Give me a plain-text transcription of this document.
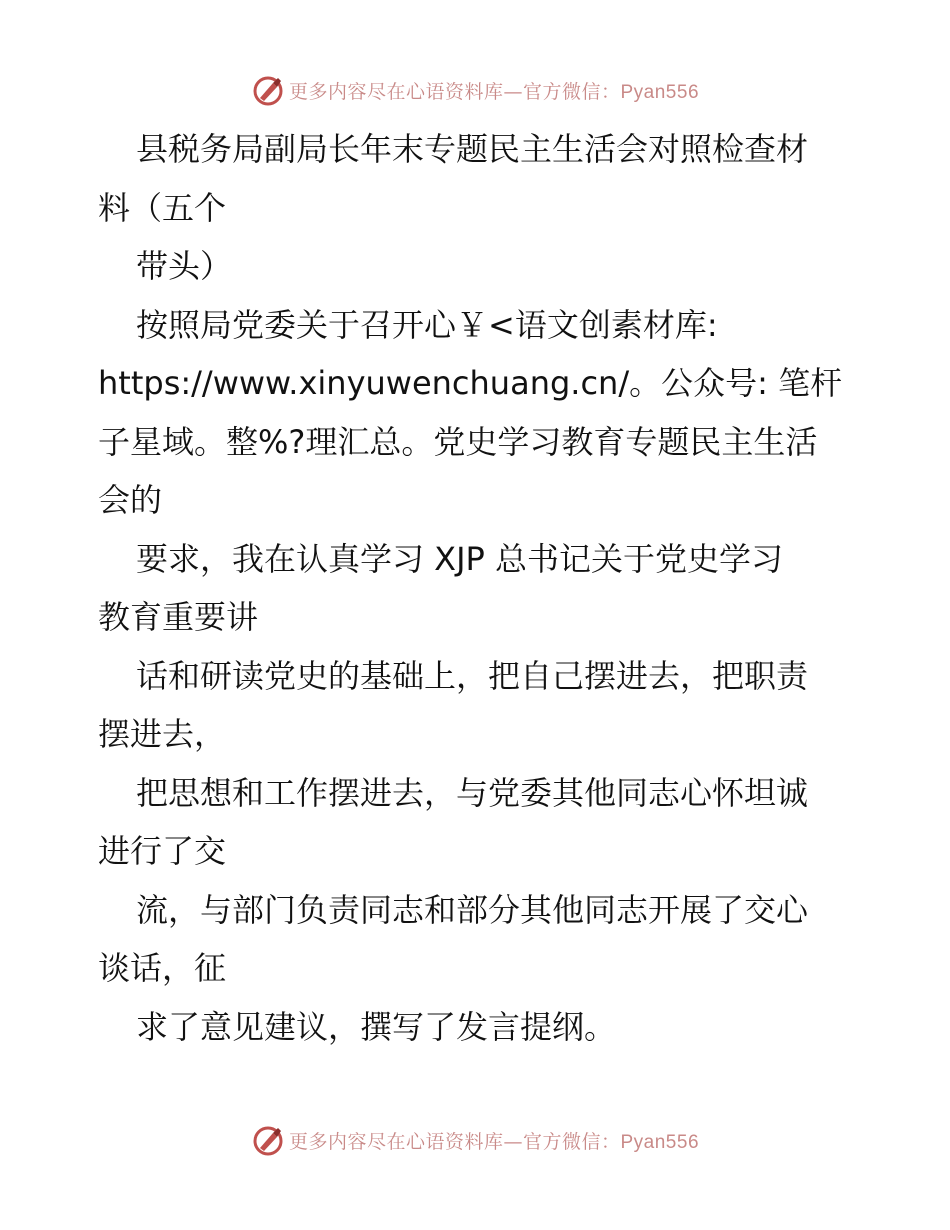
更多内容尽在心语资料库—官方微信：Pyan556
县税务局副局长年末专题民主生活会对照检查材
料（五个
带头）
按照局党委关于召开心￥<语文创素材库:
https://www.xinyuwenchuang.cn/。公众号: 笔杆
子星域。整%?理汇总。党史学习教育专题民主生活
会的
要求，我在认真学习 XJP 总书记关于党史学习
教育重要讲
话和研读党史的基础上，把自己摆进去，把职责
摆进去，
把思想和工作摆进去，与党委其他同志心怀坦诚
进行了交
流，与部门负责同志和部分其他同志开展了交心
谈话，征
求了意见建议，撰写了发言提纲。
更多内容尽在心语资料库—官方微信：Pyan556
